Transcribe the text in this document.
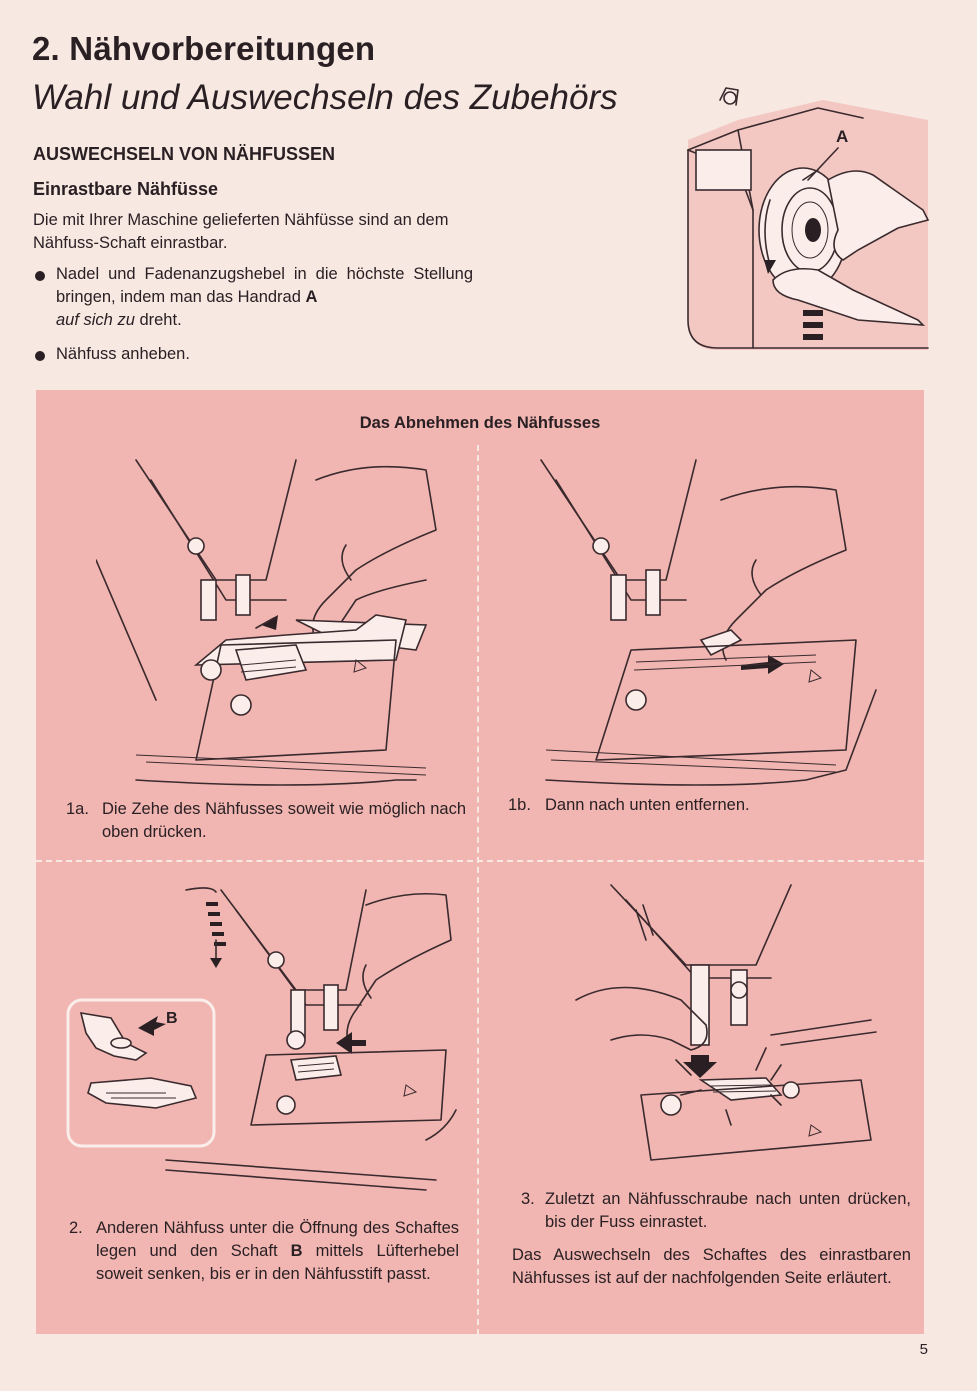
2. Nähvorbereitungen
Wahl und Auswechseln des Zubehörs
AUSWECHSELN VON NÄHFUSSEN
Einrastbare Nähfüsse

Die mit Ihrer Maschine gelieferten Nähfüsse sind an dem Nähfuss-Schaft einrastbar.

Nadel und Fadenanzugshebel in die höchste Stellung bringen, indem man das Handrad A
auf sich zu dreht.
Nähfuss anheben.
A

Das Abnehmen des Nähfusses

1a. Die Zehe des Nähfusses soweit wie möglich nach oben drücken.
1b. Dann nach unten entfernen.
B
2. Anderen Nähfuss unter die Öffnung des Schaftes legen und den Schaft B mittels Lüfterhebel soweit senken, bis er in den Nähfusstift passt.
3. Zuletzt an Nähfusschraube nach unten drücken, bis der Fuss einrastet.
Das Auswechseln des Schaftes des einrastbaren Nähfusses ist auf der nachfolgenden Seite erläutert.
5
